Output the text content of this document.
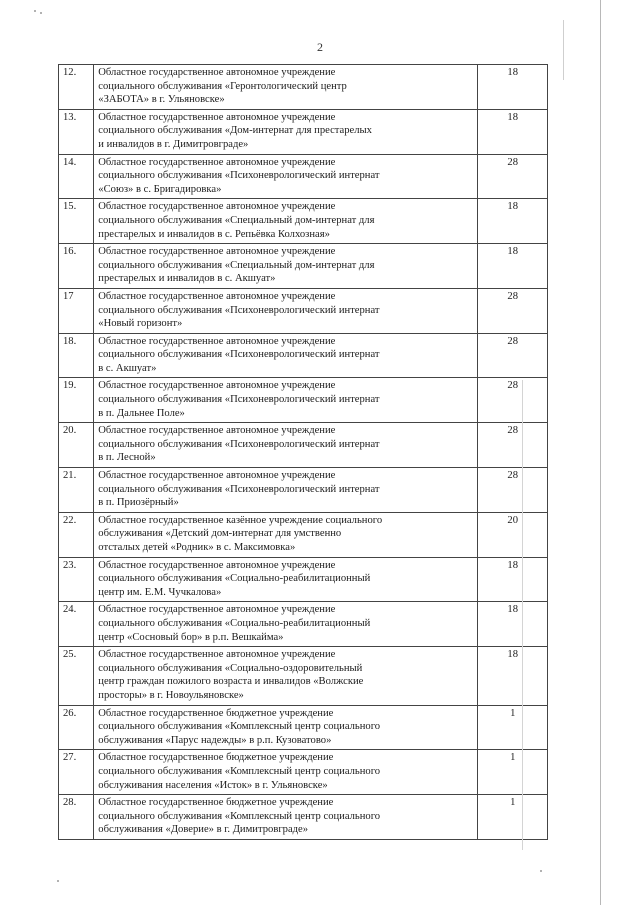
2
12.	Областное государственное автономное учреждение
социального обслуживания «Геронтологический центр
«ЗАБОТА» в г. Ульяновске»	18
13.	Областное государственное автономное учреждение
социального обслуживания «Дом-интернат для престарелых
и инвалидов в г. Димитровграде»	18
14.	Областное государственное автономное учреждение
социального обслуживания «Психоневрологический интернат
«Союз» в с. Бригадировка»	28
15.	Областное государственное автономное учреждение
социального обслуживания «Специальный дом-интернат для
престарелых и инвалидов в с. Репьёвка Колхозная»	18
16.	Областное государственное автономное учреждение
социального обслуживания «Специальный дом-интернат для
престарелых и инвалидов в с. Акшуат»	18
17	Областное государственное автономное учреждение
социального обслуживания «Психоневрологический интернат
«Новый горизонт»	28
18.	Областное государственное автономное учреждение
социального обслуживания «Психоневрологический интернат
в с. Акшуат»	28
19.	Областное государственное автономное учреждение
социального обслуживания «Психоневрологический интернат
в п. Дальнее Поле»	28
20.	Областное государственное автономное учреждение
социального обслуживания «Психоневрологический интернат
в п. Лесной»	28
21.	Областное государственное автономное учреждение
социального обслуживания «Психоневрологический интернат
в п. Приозёрный»	28
22.	Областное государственное казённое учреждение социального
обслуживания «Детский дом-интернат для умственно
отсталых детей «Родник» в с. Максимовка»	20
23.	Областное государственное автономное учреждение
социального обслуживания «Социально-реабилитационный
центр им. Е.М. Чучкалова»	18
24.	Областное государственное автономное учреждение
социального обслуживания «Социально-реабилитационный
центр «Сосновый бор» в р.п. Вешкайма»	18
25.	Областное государственное автономное учреждение
социального обслуживания «Социально-оздоровительный
центр граждан пожилого возраста и инвалидов «Волжские
просторы» в г. Новоульяновске»	18
26.	Областное государственное бюджетное учреждение
социального обслуживания «Комплексный центр социального
обслуживания «Парус надежды» в р.п. Кузоватово»	1
27.	Областное государственное бюджетное учреждение
социального обслуживания «Комплексный центр социального
обслуживания населения «Исток» в г. Ульяновске»	1
28.	Областное государственное бюджетное учреждение
социального обслуживания «Комплексный центр социального
обслуживания «Доверие» в г. Димитровграде»	1
